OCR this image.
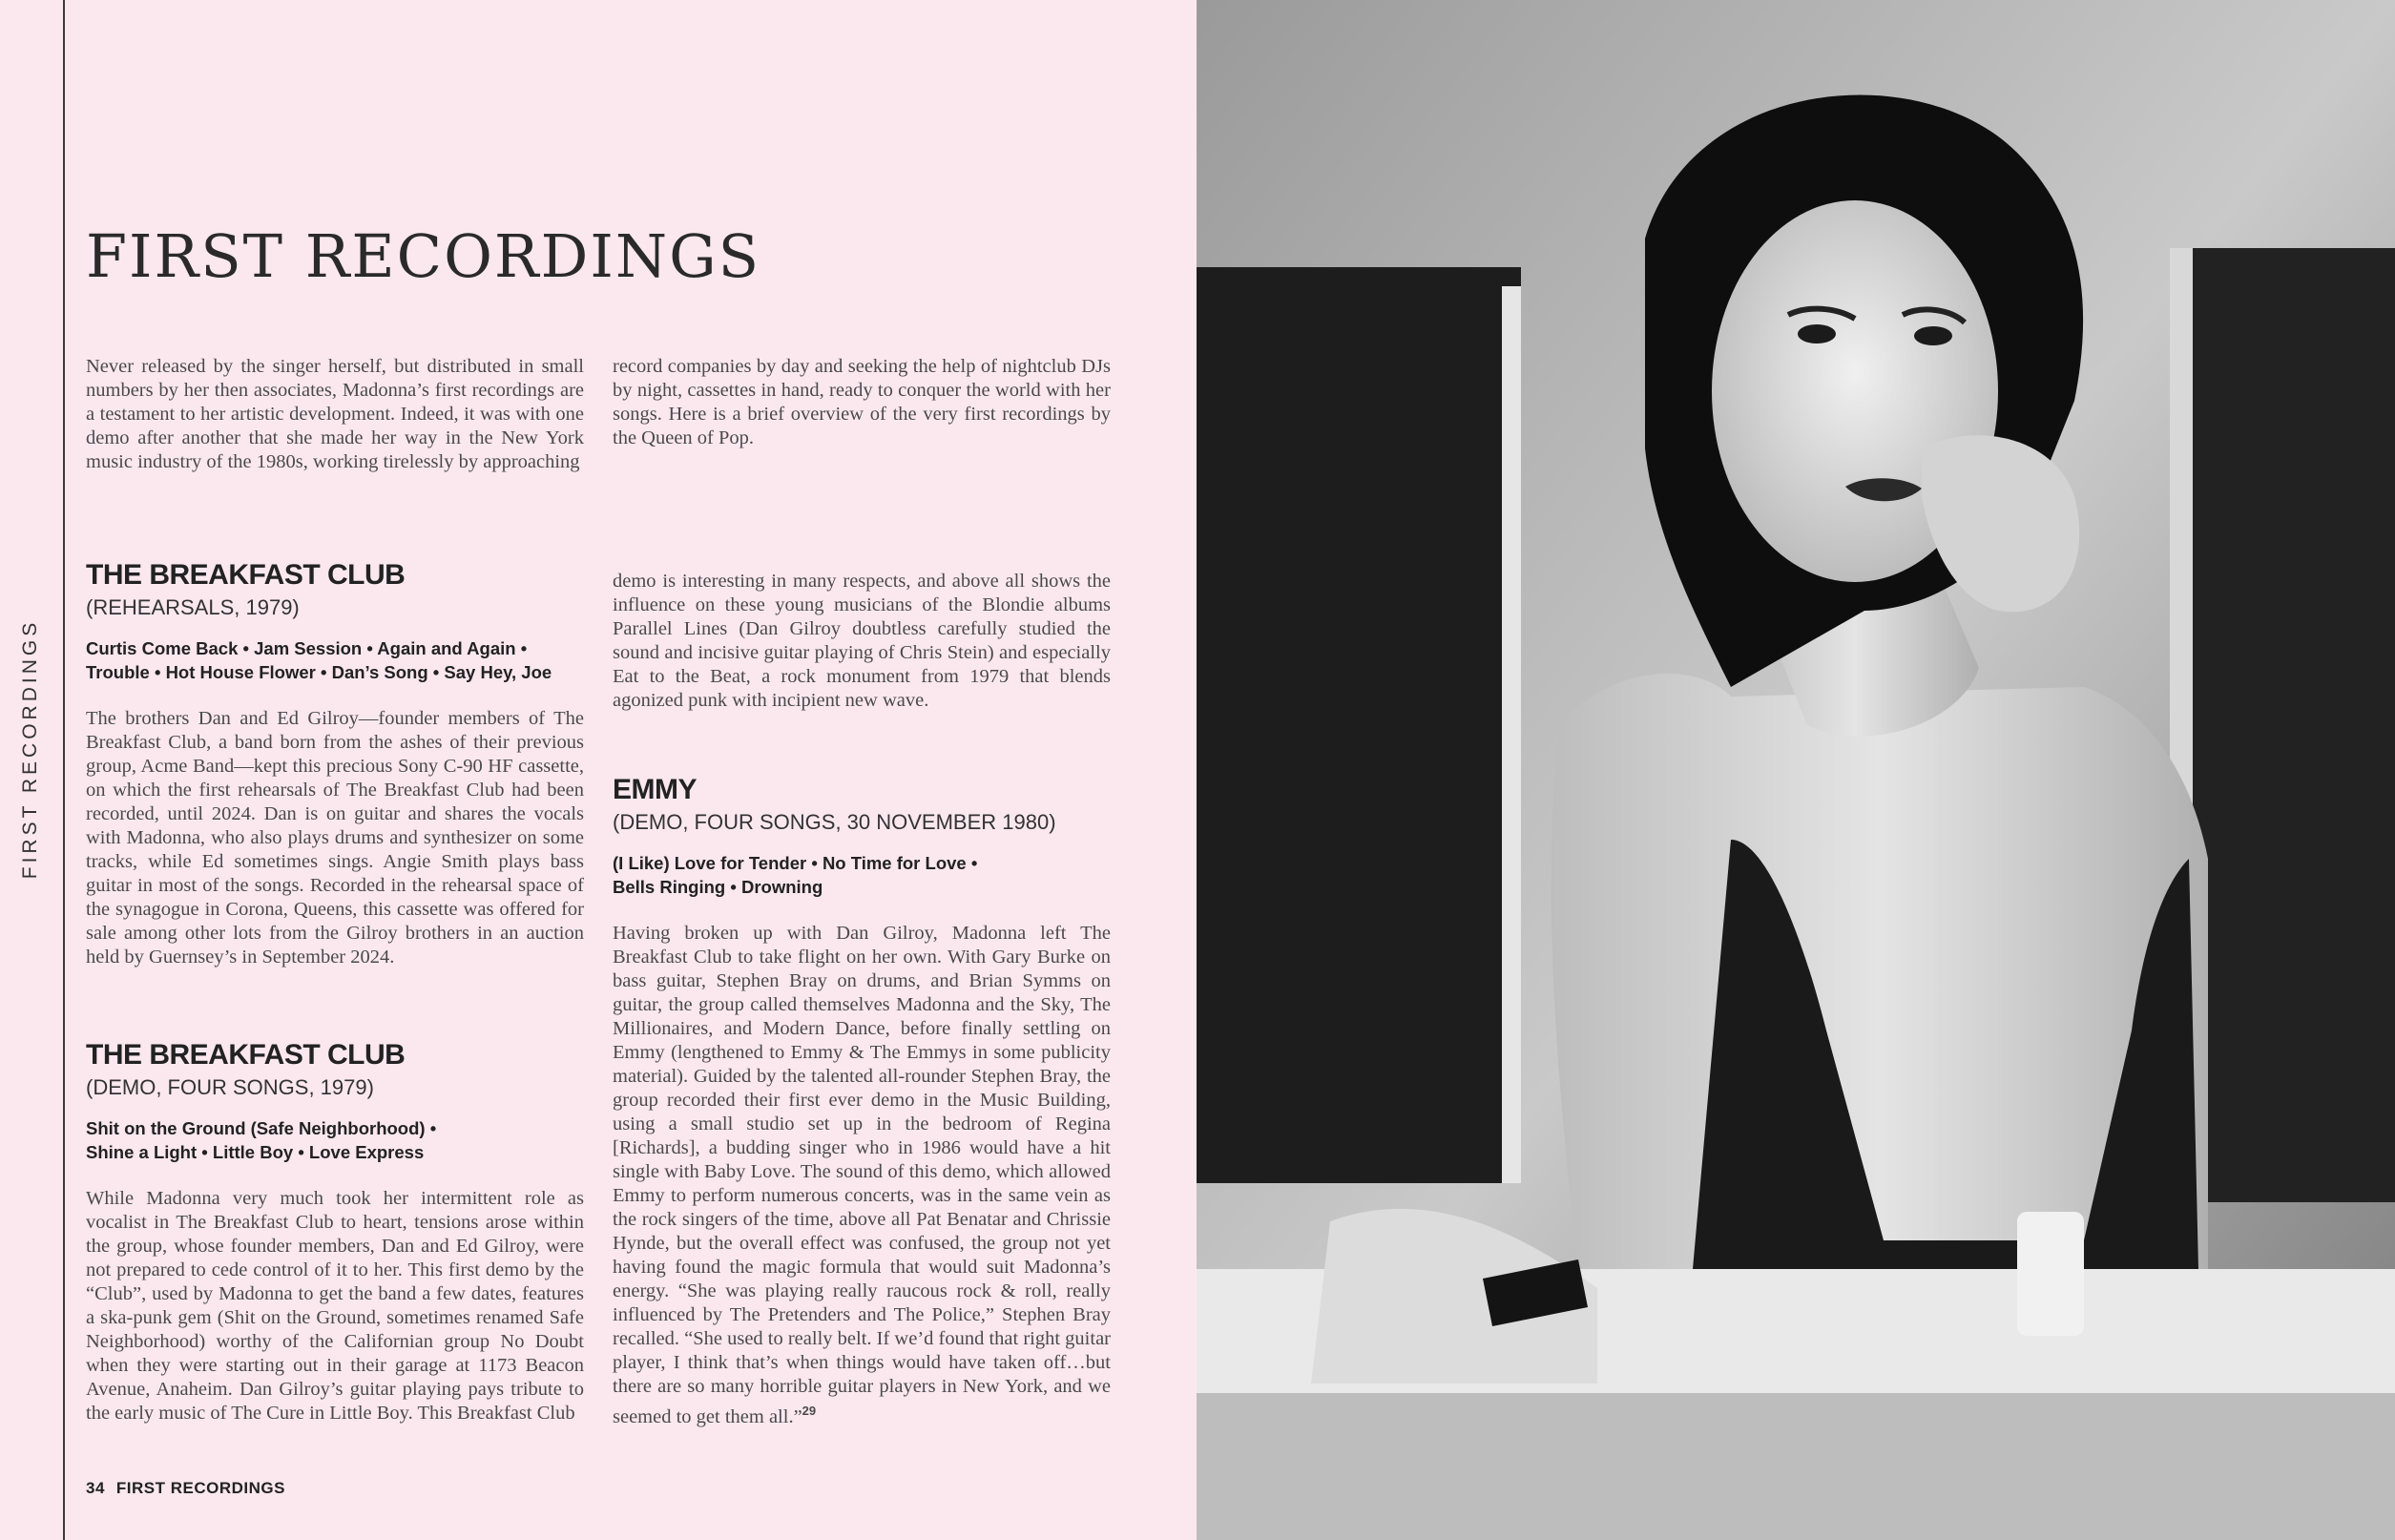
FIRST RECORDINGS
FIRST RECORDINGS

Never released by the singer herself, but distributed in small numbers by her then associates, Madonna’s first recordings are a testament to her artistic development. Indeed, it was with one demo after another that she made her way in the New York music industry of the 1980s, working tirelessly by approaching

record companies by day and seeking the help of nightclub DJs by night, cassettes in hand, ready to conquer the world with her songs. Here is a brief overview of the very first recordings by the Queen of Pop.

THE BREAKFAST CLUB
(REHEARSALS, 1979)
Curtis Come Back • Jam Session • Again and Again •
Trouble • Hot House Flower • Dan’s Song • Say Hey, Joe

The brothers Dan and Ed Gilroy—founder members of The Breakfast Club, a band born from the ashes of their previous group, Acme Band—kept this precious Sony C-90 HF cassette, on which the first rehearsals of The Breakfast Club had been recorded, until 2024. Dan is on guitar and shares the vocals with Madonna, who also plays drums and synthesizer on some tracks, while Ed sometimes sings. Angie Smith plays bass guitar in most of the songs. Recorded in the rehearsal space of the synagogue in Corona, Queens, this cassette was offered for sale among other lots from the Gilroy brothers in an auction held by Guernsey’s in September 2024.

THE BREAKFAST CLUB
(DEMO, FOUR SONGS, 1979)
Shit on the Ground (Safe Neighborhood) •
Shine a Light • Little Boy • Love Express

While Madonna very much took her intermittent role as vocalist in The Breakfast Club to heart, tensions arose within the group, whose founder members, Dan and Ed Gilroy, were not prepared to cede control of it to her. This first demo by the “Club”, used by Madonna to get the band a few dates, features a ska-punk gem (Shit on the Ground, sometimes renamed Safe Neighborhood) worthy of the Californian group No Doubt when they were starting out in their garage at 1173 Beacon Avenue, Anaheim. Dan Gilroy’s guitar playing pays tribute to the early music of The Cure in Little Boy. This Breakfast Club

demo is interesting in many respects, and above all shows the influence on these young musicians of the Blondie albums Parallel Lines (Dan Gilroy doubtless carefully studied the sound and incisive guitar playing of Chris Stein) and especially Eat to the Beat, a rock monument from 1979 that blends agonized punk with incipient new wave.

EMMY
(DEMO, FOUR SONGS, 30 NOVEMBER 1980)
(I Like) Love for Tender • No Time for Love •
Bells Ringing • Drowning

Having broken up with Dan Gilroy, Madonna left The Breakfast Club to take flight on her own. With Gary Burke on bass guitar, Stephen Bray on drums, and Brian Symms on guitar, the group called themselves Madonna and the Sky, The Millionaires, and Modern Dance, before finally settling on Emmy (lengthened to Emmy & The Emmys in some publicity material). Guided by the talented all-rounder Stephen Bray, the group recorded their first ever demo in the Music Building, using a small studio set up in the bedroom of Regina [Richards], a budding singer who in 1986 would have a hit single with Baby Love. The sound of this demo, which allowed Emmy to perform numerous concerts, was in the same vein as the rock singers of the time, above all Pat Benatar and Chrissie Hynde, but the overall effect was confused, the group not yet having found the magic formula that would suit Madonna’s energy. “She was playing really raucous rock & roll, really influenced by The Pretenders and The Police,” Stephen Bray recalled. “She used to really belt. If we’d found that right guitar player, I think that’s when things would have taken off…but there are so many horrible guitar players in New York, and we seemed to get them all.”$^{29}$

34 FIRST RECORDINGS
